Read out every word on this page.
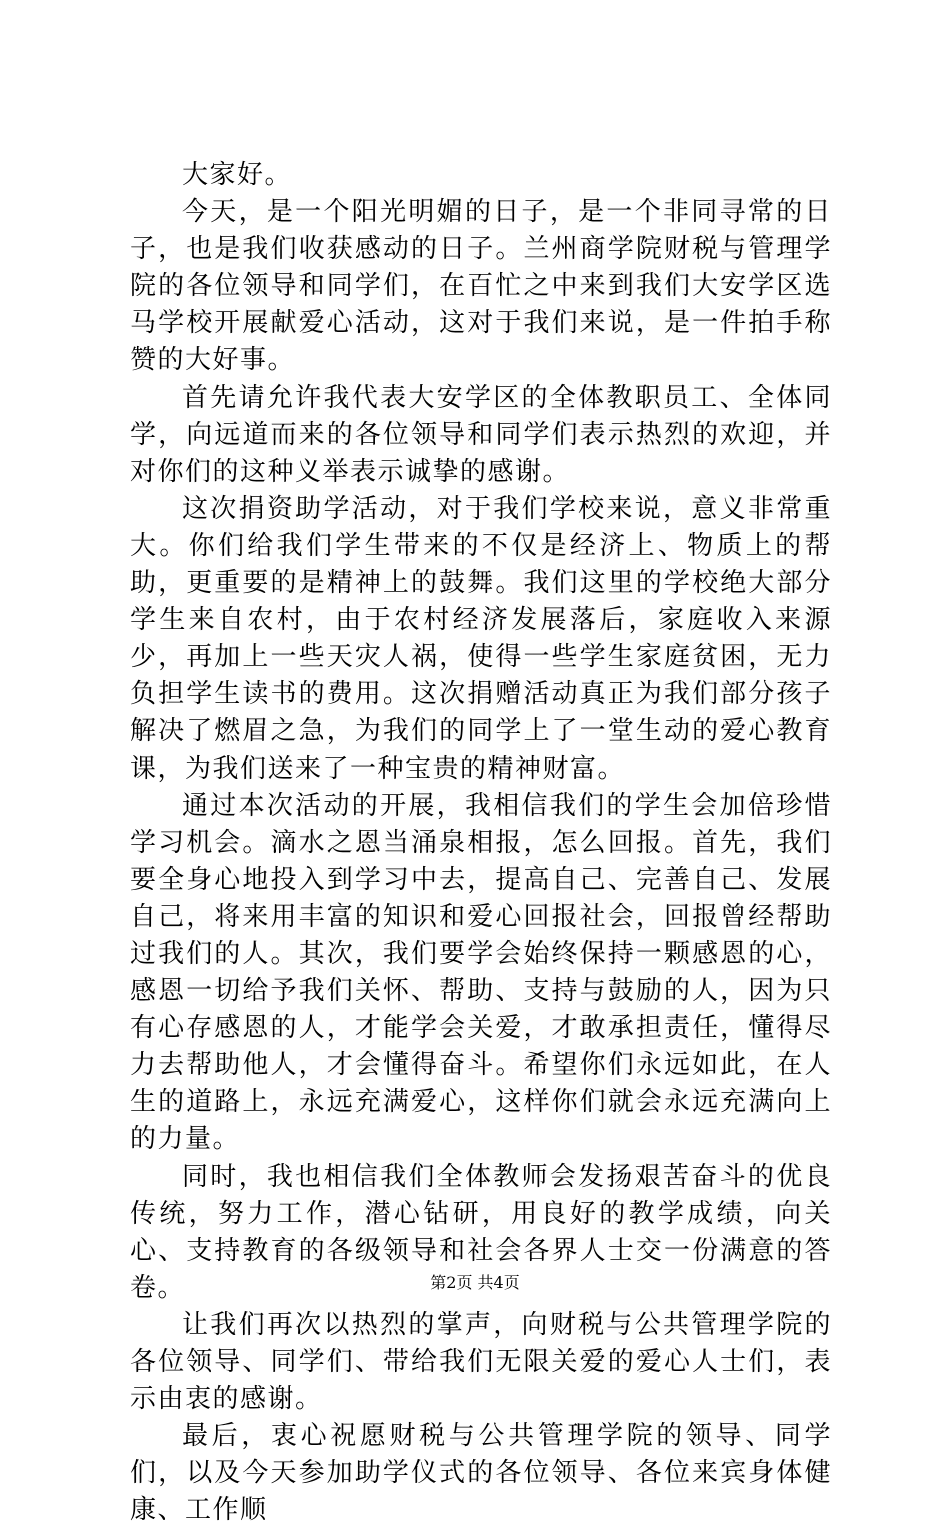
大家好。

今天，是一个阳光明媚的日子，是一个非同寻常的日子，也是我们收获感动的日子。兰州商学院财税与管理学院的各位领导和同学们，在百忙之中来到我们大安学区选马学校开展献爱心活动，这对于我们来说，是一件拍手称赞的大好事。

首先请允许我代表大安学区的全体教职员工、全体同学，向远道而来的各位领导和同学们表示热烈的欢迎，并对你们的这种义举表示诚挚的感谢。

这次捐资助学活动，对于我们学校来说，意义非常重大。你们给我们学生带来的不仅是经济上、物质上的帮助，更重要的是精神上的鼓舞。我们这里的学校绝大部分学生来自农村，由于农村经济发展落后，家庭收入来源少，再加上一些天灾人祸，使得一些学生家庭贫困，无力负担学生读书的费用。这次捐赠活动真正为我们部分孩子解决了燃眉之急，为我们的同学上了一堂生动的爱心教育课，为我们送来了一种宝贵的精神财富。

通过本次活动的开展，我相信我们的学生会加倍珍惜学习机会。滴水之恩当涌泉相报，怎么回报。首先，我们要全身心地投入到学习中去，提高自己、完善自己、发展自己，将来用丰富的知识和爱心回报社会，回报曾经帮助过我们的人。其次，我们要学会始终保持一颗感恩的心，感恩一切给予我们关怀、帮助、支持与鼓励的人，因为只有心存感恩的人，才能学会关爱，才敢承担责任，懂得尽力去帮助他人，才会懂得奋斗。希望你们永远如此，在人生的道路上，永远充满爱心，这样你们就会永远充满向上的力量。

同时，我也相信我们全体教师会发扬艰苦奋斗的优良传统，努力工作，潜心钻研，用良好的教学成绩，向关心、支持教育的各级领导和社会各界人士交一份满意的答卷。

让我们再次以热烈的掌声，向财税与公共管理学院的各位领导、同学们、带给我们无限关爱的爱心人士们，表示由衷的感谢。

最后，衷心祝愿财税与公共管理学院的领导、同学们，以及今天参加助学仪式的各位领导、各位来宾身体健康、工作顺

第2页 共4页
